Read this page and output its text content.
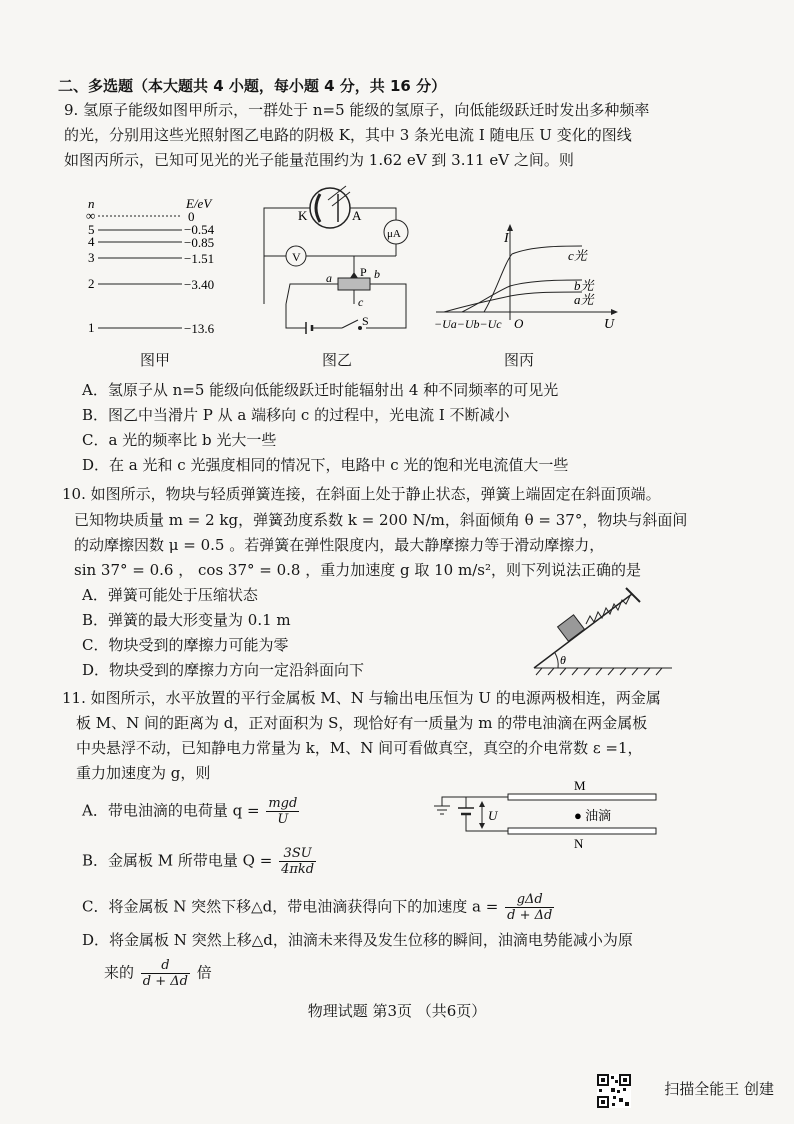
二、多选题（本大题共 4 小题，每小题 4 分，共 16 分）
9. 氢原子能级如图甲所示，一群处于 n=5 能级的氢原子，向低能级跃迁时发出多种频率
的光，分别用这些光照射图乙电路的阴极 K，其中 3 条光电流 I 随电压 U 变化的图线
如图丙所示，已知可见光的光子能量范围约为 1.62 eV 到 3.11 eV 之间。则
n	E/eV
∞	0
5	−0.54
4	−0.85
3	−1.51
2	−3.40
1	−13.6
K	A
μA
V
P
a	b
c
S
I
U
O
−Ua−Ub−Uc
c光
b光
a光
图甲	图乙	图丙
A．氢原子从 n=5 能级向低能级跃迁时能辐射出 4 种不同频率的可见光
B．图乙中当滑片 P 从 a 端移向 c 的过程中，光电流 I 不断减小
C．a 光的频率比 b 光大一些
D．在 a 光和 c 光强度相同的情况下，电路中 c 光的饱和光电流值大一些
10. 如图所示，物块与轻质弹簧连接，在斜面上处于静止状态，弹簧上端固定在斜面顶端。
已知物块质量 m = 2 kg，弹簧劲度系数 k = 200 N/m，斜面倾角 θ = 37°，物块与斜面间
的动摩擦因数 μ = 0.5 。若弹簧在弹性限度内，最大静摩擦力等于滑动摩擦力，
sin 37° = 0.6 ， cos 37° = 0.8 ，重力加速度 g 取 10 m/s²，则下列说法正确的是
A．弹簧可能处于压缩状态
B．弹簧的最大形变量为 0.1 m
C．物块受到的摩擦力可能为零
D．物块受到的摩擦力方向一定沿斜面向下
θ
11. 如图所示，水平放置的平行金属板 M、N 与输出电压恒为 U 的电源两极相连，两金属
板 M、N 间的距离为 d，正对面积为 S，现恰好有一质量为 m 的带电油滴在两金属板
中央悬浮不动，已知静电力常量为 k，M、N 间可看做真空，真空的介电常数 ε =1，
重力加速度为 g，则
A．带电油滴的电荷量 $q = \frac{\text{mgd}}{U}$
B．金属板 M 所带电量 $Q = \frac{3SU}{\text{4πkd}}$
C．将金属板 N 突然下移△d，带电油滴获得向下的加速度 $a = \frac{\text{gΔd}}{d + \Delta d}$
D．将金属板 N 突然上移△d，油滴未来得及发生位移的瞬间，油滴电势能减小为原
来的 $\frac{d}{d + \Delta d}$ 倍
M
N
● 油滴
U
物理试题 第3页 （共6页）
扫描全能王 创建
